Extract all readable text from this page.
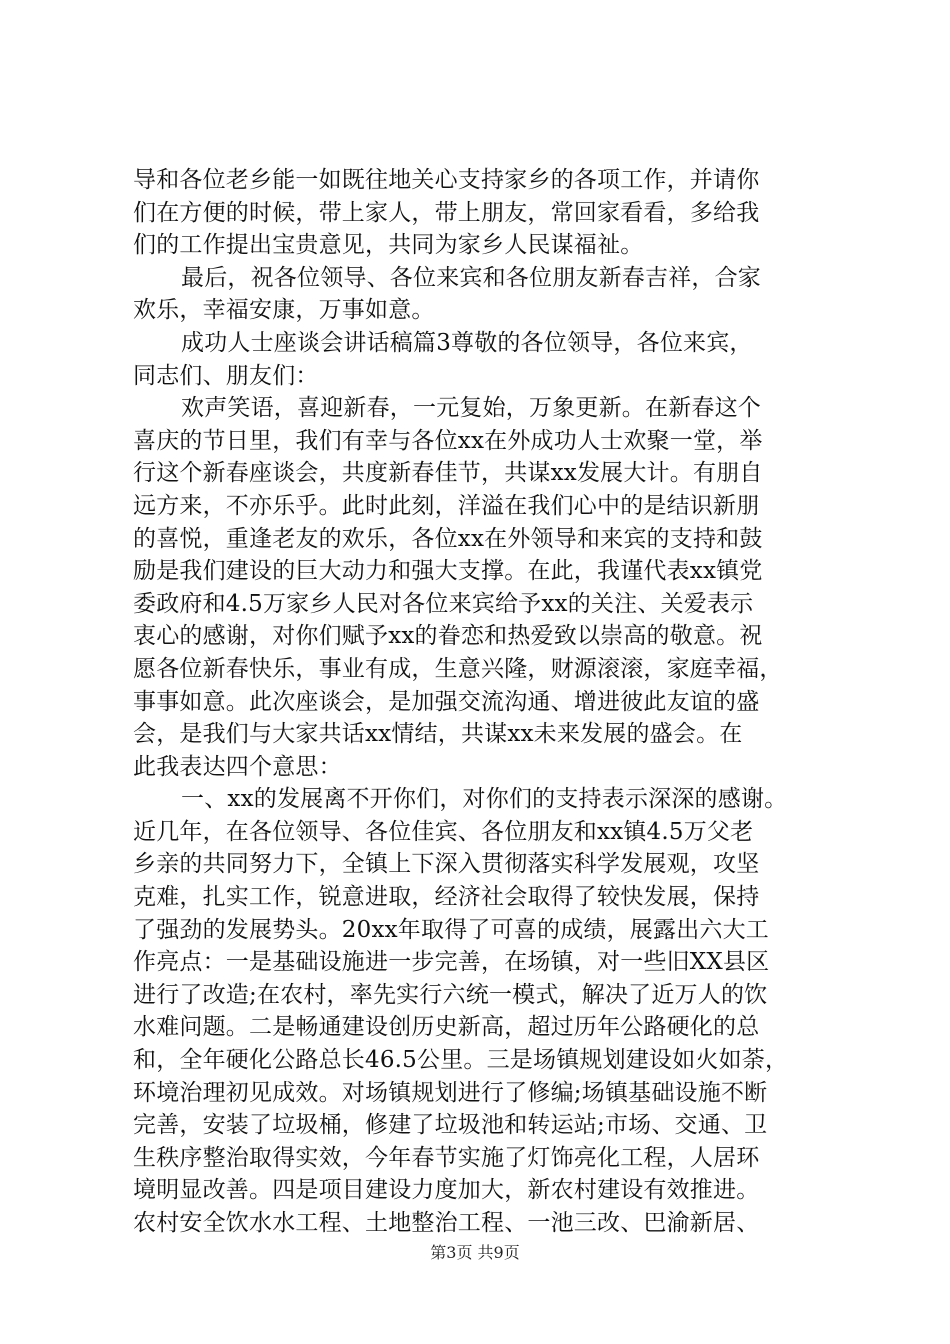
导和各位老乡能一如既往地关心支持家乡的各项工作，并请你
们在方便的时候，带上家人，带上朋友，常回家看看，多给我
们的工作提出宝贵意见，共同为家乡人民谋福祉。
最后，祝各位领导、各位来宾和各位朋友新春吉祥，合家
欢乐，幸福安康，万事如意。
成功人士座谈会讲话稿篇3尊敬的各位领导，各位来宾，
同志们、朋友们：
欢声笑语，喜迎新春，一元复始，万象更新。在新春这个
喜庆的节日里，我们有幸与各位xx在外成功人士欢聚一堂，举
行这个新春座谈会，共度新春佳节，共谋xx发展大计。有朋自
远方来，不亦乐乎。此时此刻，洋溢在我们心中的是结识新朋
的喜悦，重逢老友的欢乐，各位xx在外领导和来宾的支持和鼓
励是我们建设的巨大动力和强大支撑。在此，我谨代表xx镇党
委政府和4.5万家乡人民对各位来宾给予xx的关注、关爱表示
衷心的感谢，对你们赋予xx的眷恋和热爱致以崇高的敬意。祝
愿各位新春快乐，事业有成，生意兴隆，财源滚滚，家庭幸福，
事事如意。此次座谈会，是加强交流沟通、增进彼此友谊的盛
会，是我们与大家共话xx情结，共谋xx未来发展的盛会。在
此我表达四个意思：
一、xx的发展离不开你们，对你们的支持表示深深的感谢。
近几年，在各位领导、各位佳宾、各位朋友和xx镇4.5万父老
乡亲的共同努力下，全镇上下深入贯彻落实科学发展观，攻坚
克难，扎实工作，锐意进取，经济社会取得了较快发展，保持
了强劲的发展势头。20xx年取得了可喜的成绩，展露出六大工
作亮点：一是基础设施进一步完善，在场镇，对一些旧XX县区
进行了改造;在农村，率先实行六统一模式，解决了近万人的饮
水难问题。二是畅通建设创历史新高，超过历年公路硬化的总
和，全年硬化公路总长46.5公里。三是场镇规划建设如火如荼，
环境治理初见成效。对场镇规划进行了修编;场镇基础设施不断
完善，安装了垃圾桶，修建了垃圾池和转运站;市场、交通、卫
生秩序整治取得实效，今年春节实施了灯饰亮化工程，人居环
境明显改善。四是项目建设力度加大，新农村建设有效推进。
农村安全饮水水工程、土地整治工程、一池三改、巴渝新居、
第3页 共9页
